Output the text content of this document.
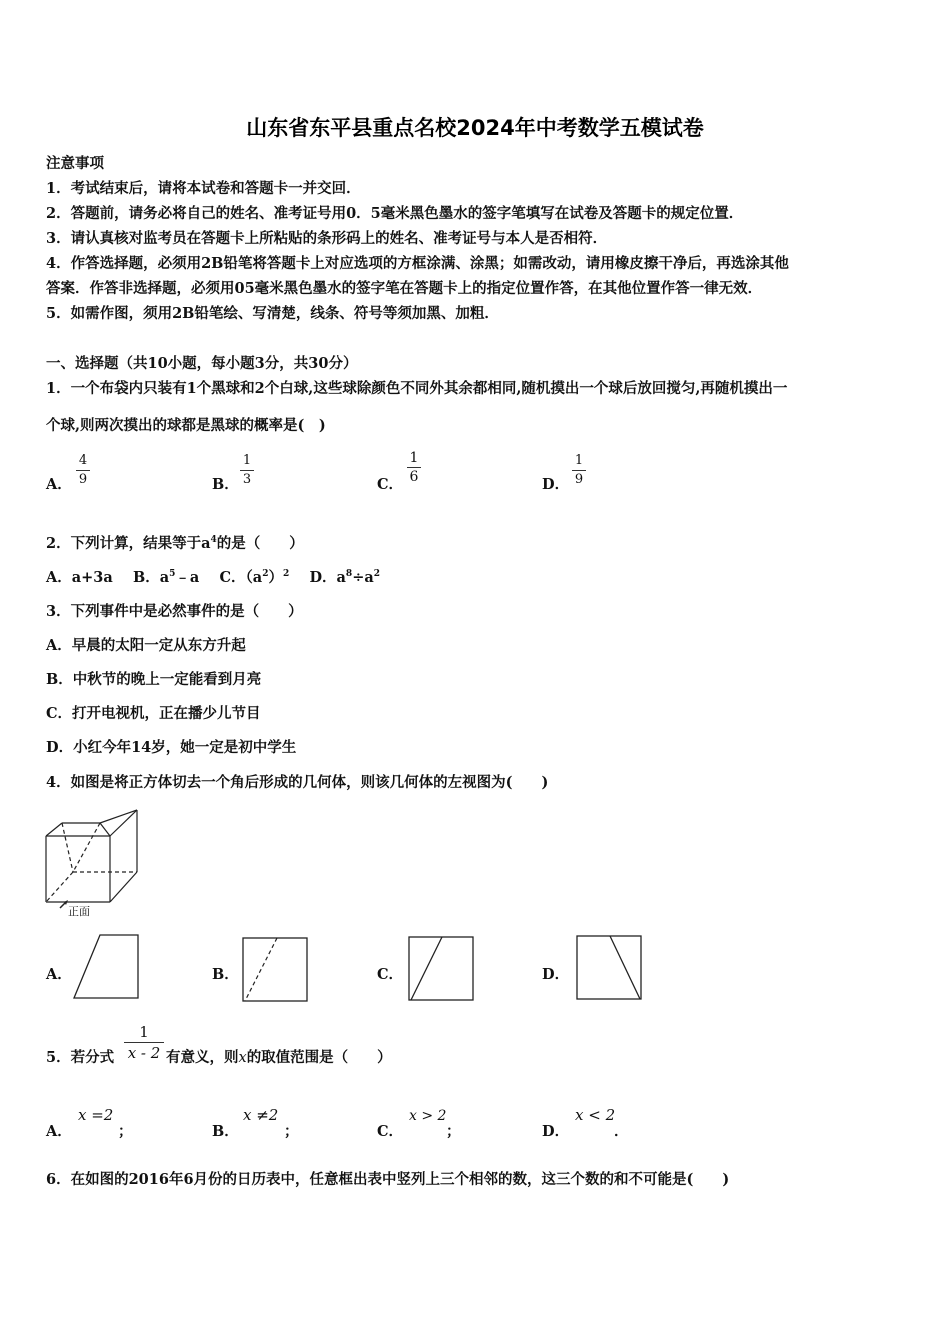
山东省东平县重点名校2024年中考数学五模试卷
注意事项
1．考试结束后，请将本试卷和答题卡一并交回．
2．答题前，请务必将自己的姓名、准考证号用0．5毫米黑色墨水的签字笔填写在试卷及答题卡的规定位置．
3．请认真核对监考员在答题卡上所粘贴的条形码上的姓名、准考证号与本人是否相符．
4．作答选择题，必须用2B铅笔将答题卡上对应选项的方框涂满、涂黑；如需改动，请用橡皮擦干净后，再选涂其他
答案．作答非选择题，必须用05毫米黑色墨水的签字笔在答题卡上的指定位置作答，在其他位置作答一律无效．
5．如需作图，须用2B铅笔绘、写清楚，线条、符号等须加黑、加粗．
一、选择题（共10小题，每小题3分，共30分）
1．一个布袋内只装有1个黑球和2个白球,这些球除颜色不同外其余都相同,随机摸出一个球后放回搅匀,再随机摸出一
个球,则两次摸出的球都是黑球的概率是(　)
A．
4
9	B．
1
3	C．
1
6	D．
1
9
2．下列计算，结果等于$a^4$的是（　　）
A．a+3a B．$a^5﹣a$ C．$(a^2)^2$ D．$a^8\div a^2$
3．下列事件中是必然事件的是（　　）
A．早晨的太阳一定从东方升起
B．中秋节的晚上一定能看到月亮
C．打开电视机，正在播少儿节目
D．小红今年14岁，她一定是初中学生
4．如图是将正方体切去一个角后形成的几何体，则该几何体的左视图为(　　)
正面
A．	B．	C．	D．
5．若分式
1
x - 2 有意义，则x的取值范围是（　　）
A．
x =2
；	B．
x ≠2
；	C．
x > 2
；	D．
x < 2
．
6．在如图的2016年6月份的日历表中，任意框出表中竖列上三个相邻的数，这三个数的和不可能是(　　)
